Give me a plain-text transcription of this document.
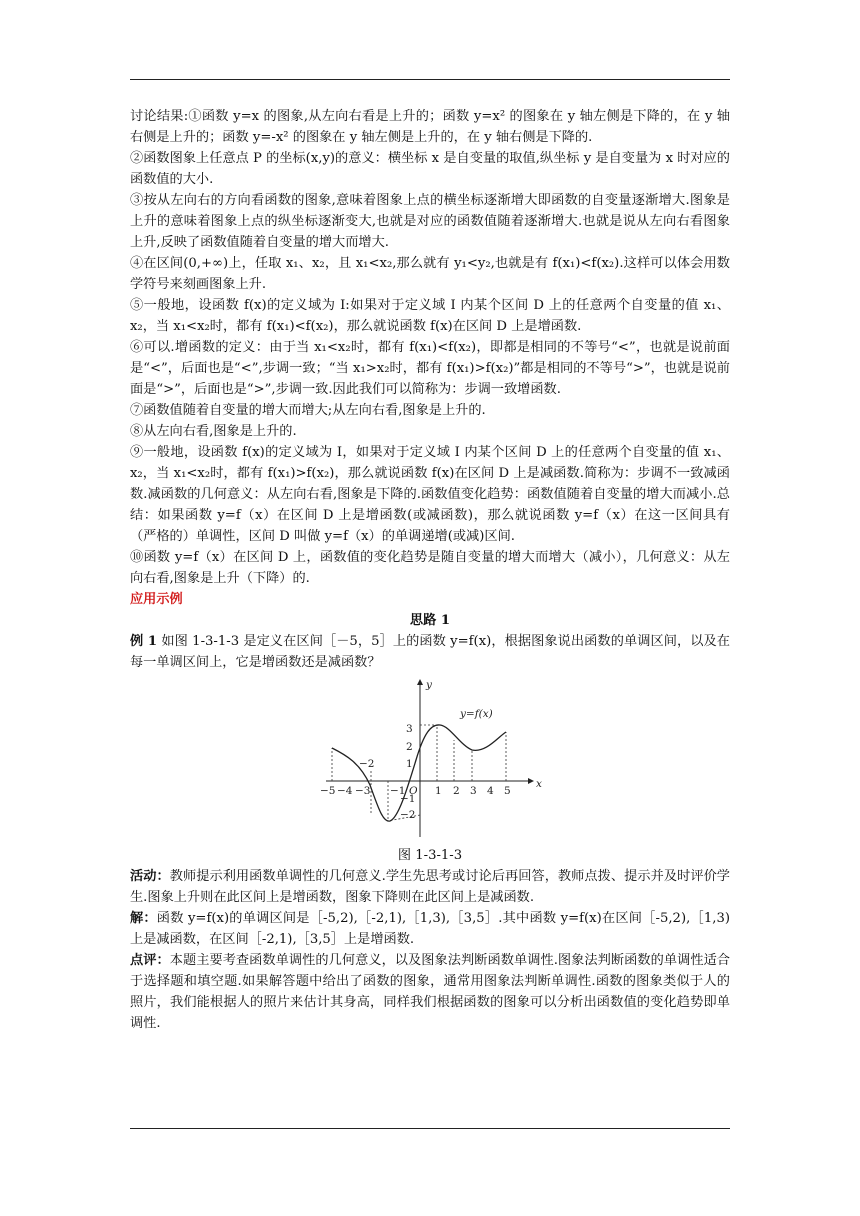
讨论结果:①函数 y=x 的图象,从左向右看是上升的；函数 y=x² 的图象在 y 轴左侧是下降的，在 y 轴右侧是上升的；函数 y=-x² 的图象在 y 轴左侧是上升的，在 y 轴右侧是下降的.

②函数图象上任意点 P 的坐标(x,y)的意义：横坐标 x 是自变量的取值,纵坐标 y 是自变量为 x 时对应的函数值的大小.

③按从左向右的方向看函数的图象,意味着图象上点的横坐标逐渐增大即函数的自变量逐渐增大.图象是上升的意味着图象上点的纵坐标逐渐变大,也就是对应的函数值随着逐渐增大.也就是说从左向右看图象上升,反映了函数值随着自变量的增大而增大.

④在区间(0,+∞)上，任取 x₁、x₂，且 x₁<x₂,那么就有 y₁<y₂,也就是有 f(x₁)<f(x₂).这样可以体会用数学符号来刻画图象上升.

⑤一般地，设函数 f(x)的定义域为 I:如果对于定义域 I 内某个区间 D 上的任意两个自变量的值 x₁、x₂，当 x₁<x₂时，都有 f(x₁)<f(x₂)，那么就说函数 f(x)在区间 D 上是增函数.

⑥可以.增函数的定义：由于当 x₁<x₂时，都有 f(x₁)<f(x₂)，即都是相同的不等号“<”，也就是说前面是“<”，后面也是“<”,步调一致；“当 x₁>x₂时，都有 f(x₁)>f(x₂)”都是相同的不等号“>”，也就是说前面是“>”，后面也是“>”,步调一致.因此我们可以简称为：步调一致增函数.

⑦函数值随着自变量的增大而增大;从左向右看,图象是上升的.

⑧从左向右看,图象是上升的.

⑨一般地，设函数 f(x)的定义域为 I，如果对于定义域 I 内某个区间 D 上的任意两个自变量的值 x₁、x₂，当 x₁<x₂时，都有 f(x₁)>f(x₂)，那么就说函数 f(x)在区间 D 上是减函数.简称为：步调不一致减函数.减函数的几何意义：从左向右看,图象是下降的.函数值变化趋势：函数值随着自变量的增大而减小.总结：如果函数 y=f（x）在区间 D 上是增函数(或减函数)，那么就说函数 y=f（x）在这一区间具有（严格的）单调性，区间 D 叫做 y=f（x）的单调递增(或减)区间.

⑩函数 y=f（x）在区间 D 上，函数值的变化趋势是随自变量的增大而增大（减小），几何意义：从左向右看,图象是上升（下降）的.

应用示例

思路 1

例 1 如图 1-3-1-3 是定义在区间［－5，5］上的函数 y=f(x)，根据图象说出函数的单调区间，以及在每一单调区间上，它是增函数还是减函数？

x
y
O
3
2
1
−1
−2
−5 −4 −3 −1	1 2 3 4 5
−2
y=f(x)

图 1-3-1-3

活动：教师提示利用函数单调性的几何意义.学生先思考或讨论后再回答，教师点拨、提示并及时评价学生.图象上升则在此区间上是增函数，图象下降则在此区间上是减函数.

解：函数 y=f(x)的单调区间是［-5,2),［-2,1),［1,3),［3,5］.其中函数 y=f(x)在区间［-5,2),［1,3)上是减函数，在区间［-2,1),［3,5］上是增函数.

点评：本题主要考查函数单调性的几何意义，以及图象法判断函数单调性.图象法判断函数的单调性适合于选择题和填空题.如果解答题中给出了函数的图象，通常用图象法判断单调性.函数的图象类似于人的照片，我们能根据人的照片来估计其身高，同样我们根据函数的图象可以分析出函数值的变化趋势即单调性.
